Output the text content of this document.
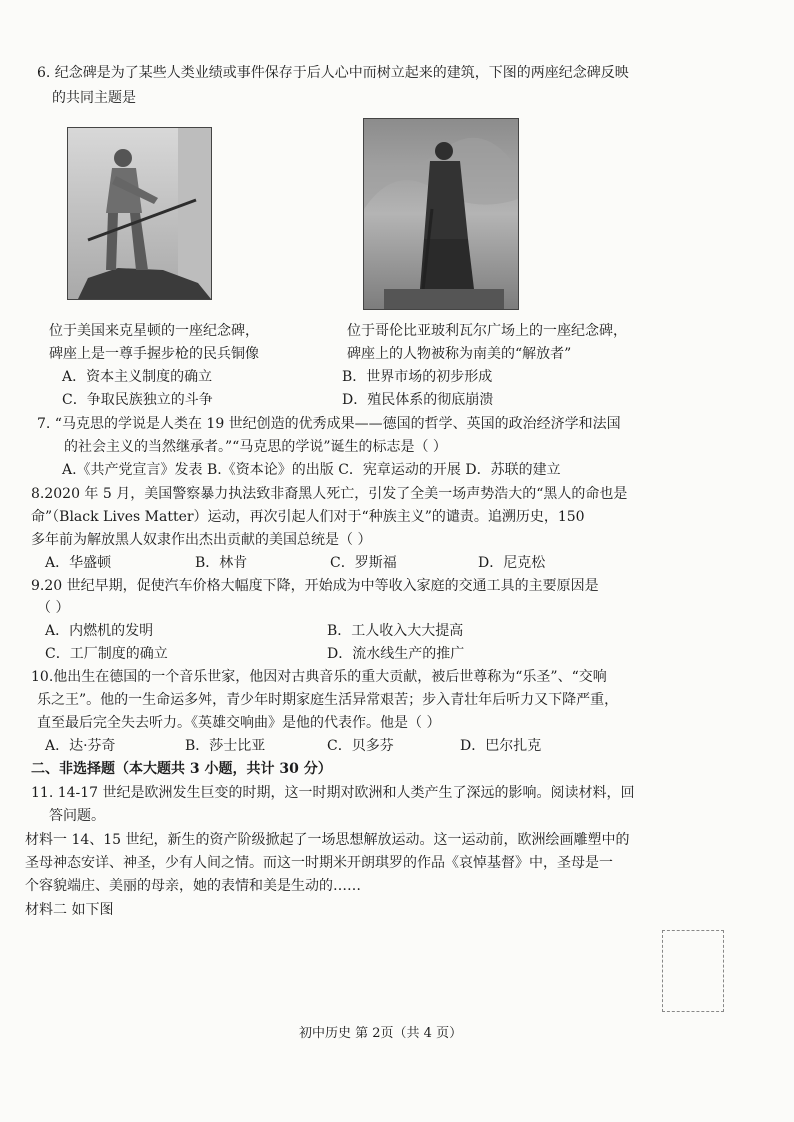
6. 纪念碑是为了某些人类业绩或事件保存于后人心中而树立起来的建筑，下图的两座纪念碑反映
的共同主题是
位于美国来克星顿的一座纪念碑，
碑座上是一尊手握步枪的民兵铜像
位于哥伦比亚玻利瓦尔广场上的一座纪念碑，
碑座上的人物被称为南美的“解放者”
A．资本主义制度的确立	B．世界市场的初步形成
C．争取民族独立的斗争	D．殖民体系的彻底崩溃
7. “马克思的学说是人类在 19 世纪创造的优秀成果——德国的哲学、英国的政治经济学和法国
的社会主义的当然继承者。”“马克思的学说”诞生的标志是（ ）
A.《共产党宣言》发表 B.《资本论》的出版 C．宪章运动的开展 D．苏联的建立
8.2020 年 5 月，美国警察暴力执法致非裔黑人死亡，引发了全美一场声势浩大的“黑人的命也是
命”（Black Lives Matter）运动，再次引起人们对于“种族主义”的谴责。追溯历史，150
多年前为解放黑人奴隶作出杰出贡献的美国总统是（ ）
A．华盛顿	B．林肯	C．罗斯福	D．尼克松
9.20 世纪早期，促使汽车价格大幅度下降，开始成为中等收入家庭的交通工具的主要原因是
（ ）
A．内燃机的发明	B．工人收入大大提高
C．工厂制度的确立	D．流水线生产的推广
10.他出生在德国的一个音乐世家，他因对古典音乐的重大贡献，被后世尊称为“乐圣”、“交响
乐之王”。他的一生命运多舛，青少年时期家庭生活异常艰苦；步入青壮年后听力又下降严重，
直至最后完全失去听力。《英雄交响曲》是他的代表作。他是（ ）
A．达·芬奇	B．莎士比亚	C．贝多芬	D．巴尔扎克
二、非选择题（本大题共 3 小题，共计 30 分）
11. 14-17 世纪是欧洲发生巨变的时期，这一时期对欧洲和人类产生了深远的影响。阅读材料，回
答问题。
材料一 14、15 世纪，新生的资产阶级掀起了一场思想解放运动。这一运动前，欧洲绘画雕塑中的
圣母神态安详、神圣，少有人间之情。而这一时期米开朗琪罗的作品《哀悼基督》中，圣母是一
个容貌端庄、美丽的母亲，她的表情和美是生动的……
材料二 如下图
初中历史 第 2页（共 4 页）
